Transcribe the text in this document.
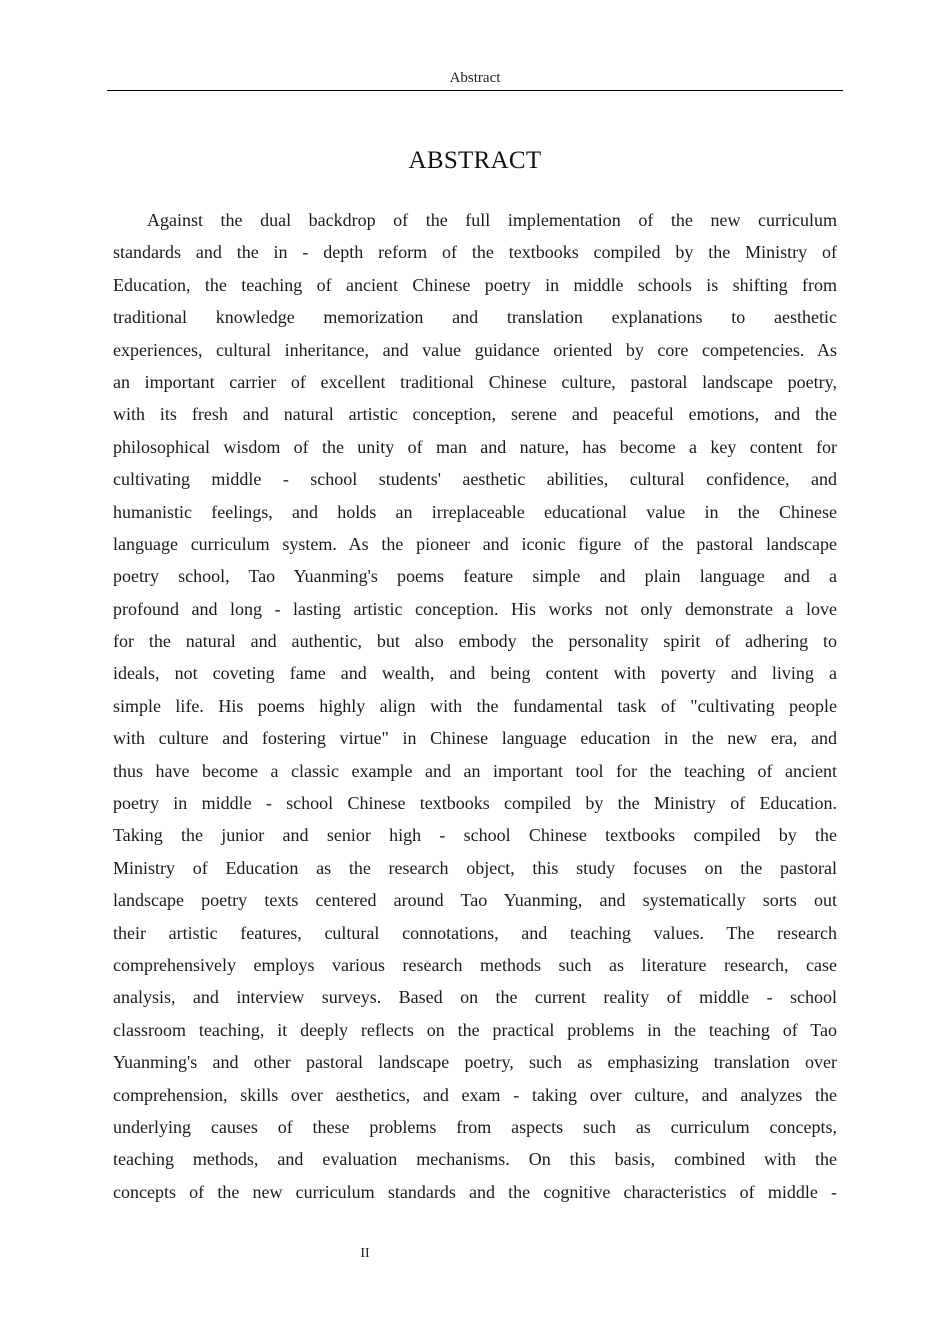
Abstract
ABSTRACT
Against the dual backdrop of the full implementation of the new curriculum
standards and the in - depth reform of the textbooks compiled by the Ministry of
Education, the teaching of ancient Chinese poetry in middle schools is shifting from
traditional knowledge memorization and translation explanations to aesthetic
experiences, cultural inheritance, and value guidance oriented by core competencies. As
an important carrier of excellent traditional Chinese culture, pastoral landscape poetry,
with its fresh and natural artistic conception, serene and peaceful emotions, and the
philosophical wisdom of the unity of man and nature, has become a key content for
cultivating middle - school students' aesthetic abilities, cultural confidence, and
humanistic feelings, and holds an irreplaceable educational value in the Chinese
language curriculum system. As the pioneer and iconic figure of the pastoral landscape
poetry school, Tao Yuanming's poems feature simple and plain language and a
profound and long - lasting artistic conception. His works not only demonstrate a love
for the natural and authentic, but also embody the personality spirit of adhering to
ideals, not coveting fame and wealth, and being content with poverty and living a
simple life. His poems highly align with the fundamental task of "cultivating people
with culture and fostering virtue" in Chinese language education in the new era, and
thus have become a classic example and an important tool for the teaching of ancient
poetry in middle - school Chinese textbooks compiled by the Ministry of Education.
Taking the junior and senior high - school Chinese textbooks compiled by the
Ministry of Education as the research object, this study focuses on the pastoral
landscape poetry texts centered around Tao Yuanming, and systematically sorts out
their artistic features, cultural connotations, and teaching values. The research
comprehensively employs various research methods such as literature research, case
analysis, and interview surveys. Based on the current reality of middle - school
classroom teaching, it deeply reflects on the practical problems in the teaching of Tao
Yuanming's and other pastoral landscape poetry, such as emphasizing translation over
comprehension, skills over aesthetics, and exam - taking over culture, and analyzes the
underlying causes of these problems from aspects such as curriculum concepts,
teaching methods, and evaluation mechanisms. On this basis, combined with the
concepts of the new curriculum standards and the cognitive characteristics of middle -
II
